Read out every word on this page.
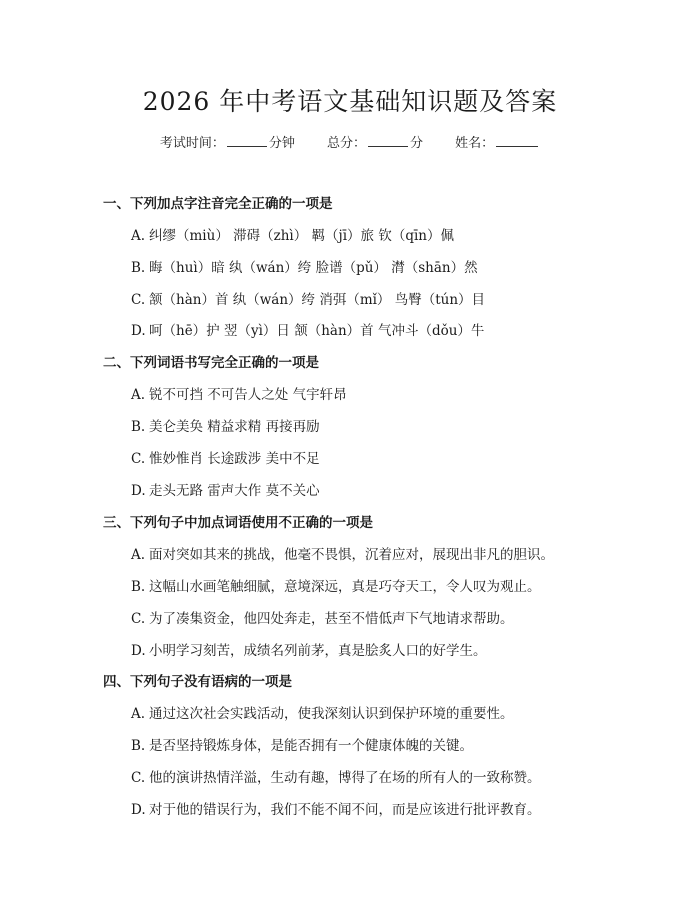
2026 年中考语文基础知识题及答案
考试时间：	分钟 总分：	分 姓名：
一、下列加点字注音完全正确的一项是
A. 纠缪（miù） 滞碍（zhì） 羁（jī）旅 钦（qīn）佩
B. 晦（huì）暗 纨（wán）绔 脸谱（pǔ） 潸（shān）然
C. 颔（hàn）首 纨（wán）绔 消弭（mǐ） 鸟臀（tún）目
D. 呵（hē）护 翌（yì）日 颔（hàn）首 气冲斗（dǒu）牛
二、下列词语书写完全正确的一项是
A. 锐不可挡 不可告人之处 气宇轩昂
B. 美仑美奂 精益求精 再接再励
C. 惟妙惟肖 长途跋涉 美中不足
D. 走头无路 雷声大作 莫不关心
三、下列句子中加点词语使用不正确的一项是
A. 面对突如其来的挑战，他毫不畏惧，沉着应对，展现出非凡的胆识。
B. 这幅山水画笔触细腻，意境深远，真是巧夺天工，令人叹为观止。
C. 为了凑集资金，他四处奔走，甚至不惜低声下气地请求帮助。
D. 小明学习刻苦，成绩名列前茅，真是脍炙人口的好学生。
四、下列句子没有语病的一项是
A. 通过这次社会实践活动，使我深刻认识到保护环境的重要性。
B. 是否坚持锻炼身体，是能否拥有一个健康体魄的关键。
C. 他的演讲热情洋溢，生动有趣，博得了在场的所有人的一致称赞。
D. 对于他的错误行为，我们不能不闻不问，而是应该进行批评教育。
